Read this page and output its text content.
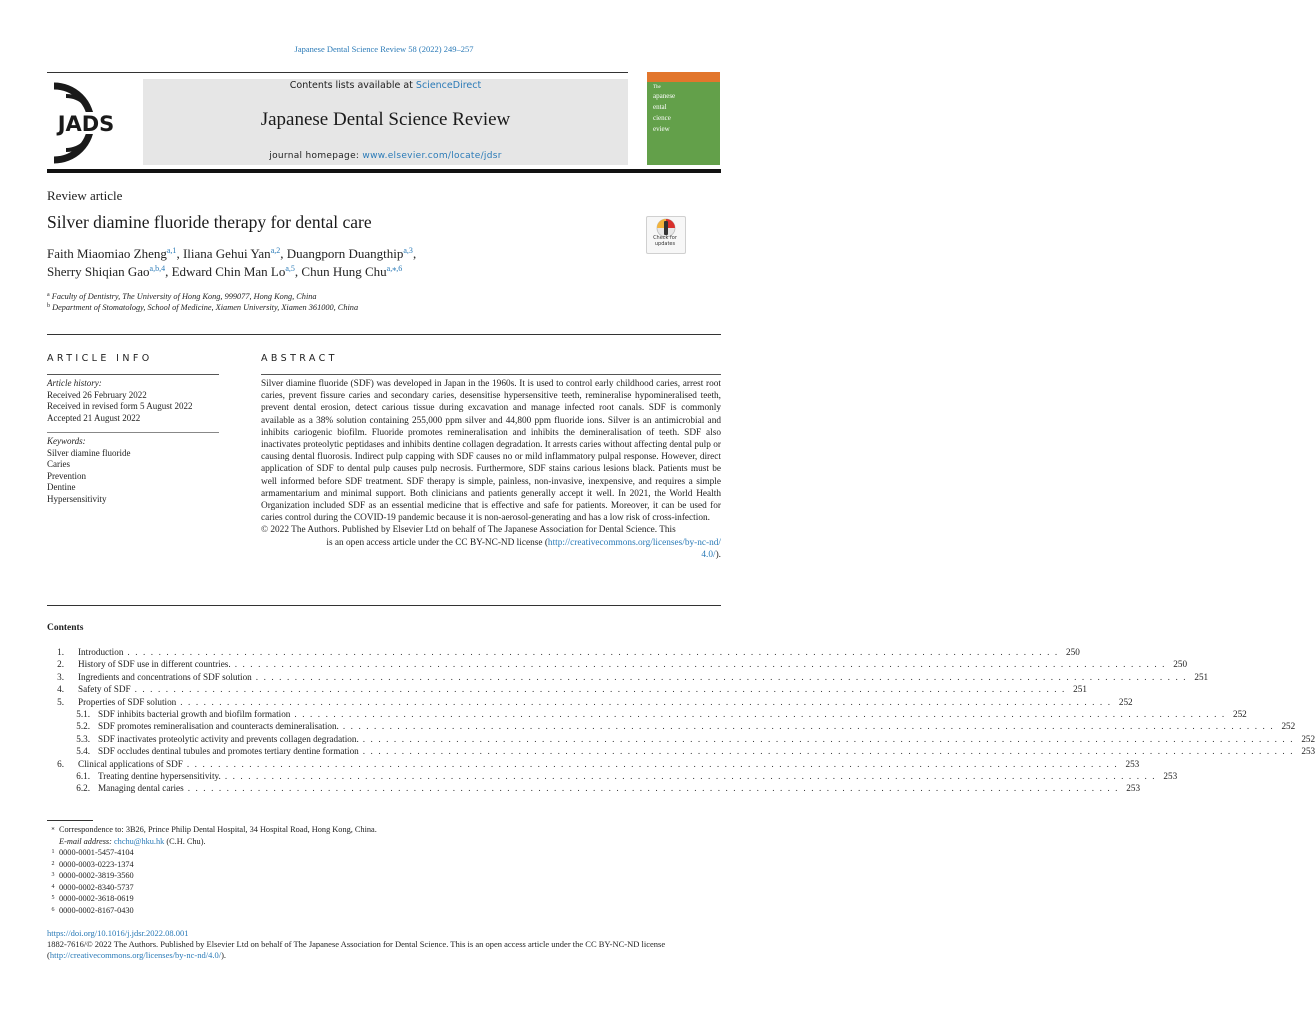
Japanese Dental Science Review 58 (2022) 249–257
JADS
Contents lists available at ScienceDirect
Japanese Dental Science Review
journal homepage: www.elsevier.com/locate/jdsr
The
apanese
ental
cience
eview
Review article
Silver diamine fluoride therapy for dental care
Check for updates
Faith Miaomiao Zheng$^{a,1}$, Iliana Gehui Yan$^{a,2}$, Duangporn Duangthip$^{a,3}$,
Sherry Shiqian Gao$^{a,b,4}$, Edward Chin Man Lo$^{a,5}$, Chun Hung Chu$^{a,⁎,6}$
$^a$ Faculty of Dentistry, The University of Hong Kong, 999077, Hong Kong, China
$^b$ Department of Stomatology, School of Medicine, Xiamen University, Xiamen 361000, China
ARTICLE INFO	ABSTRACT
Article history:
Received 26 February 2022
Received in revised form 5 August 2022
Accepted 21 August 2022
Keywords:
Silver diamine fluoride
Caries
Prevention
Dentine
Hypersensitivity

Silver diamine fluoride (SDF) was developed in Japan in the 1960s. It is used to control early childhood caries, arrest root caries, prevent fissure caries and secondary caries, desensitise hypersensitive teeth, remineralise hypomineralised teeth, prevent dental erosion, detect carious tissue during excavation and manage infected root canals. SDF is commonly available as a 38% solution containing 255,000 ppm silver and 44,800 ppm fluoride ions. Silver is an antimicrobial and inhibits cariogenic biofilm. Fluoride promotes remineralisation and inhibits the demineralisation of teeth. SDF also inactivates proteolytic peptidases and inhibits dentine collagen degradation. It arrests caries without affecting dental pulp or causing dental fluorosis. Indirect pulp capping with SDF causes no or mild inflammatory pulpal response. However, direct application of SDF to dental pulp causes pulp necrosis. Furthermore, SDF stains carious lesions black. Patients must be well informed before SDF treatment. SDF therapy is simple, painless, non-invasive, inexpensive, and requires a simple armamentarium and minimal support. Both clinicians and patients generally accept it well. In 2021, the World Health Organization included SDF as an essential medicine that is effective and safe for patients. Moreover, it can be used for caries control during the COVID-19 pandemic because it is non-aerosol-generating and has a low risk of cross-infection.

© 2022 The Authors. Published by Elsevier Ltd on behalf of The Japanese Association for Dental Science. This
is an open access article under the CC BY-NC-ND license (http://creativecommons.org/licenses/by-nc-nd/
4.0/).
Contents
1. Introduction . . . . . . . . . . . . . . . . . . . . . . . . . . . . . . . . . . . . . . . . . . . . . . . . . . . . . . . . . . . . . . . . . . . . . . . . . . . . . . . . . . . . . . . . . . . . . . . . . . . . . . . . . . . . . . . . . . . . . . . . 250
2. History of SDF use in different countries. . . . . . . . . . . . . . . . . . . . . . . . . . . . . . . . . . . . . . . . . . . . . . . . . . . . . . . . . . . . . . . . . . . . . . . . . . . . . . . . . . . . . . . . . . . . . . . . . . . . . . . . . . . . . . . . . . . . . . . . . 250
3. Ingredients and concentrations of SDF solution . . . . . . . . . . . . . . . . . . . . . . . . . . . . . . . . . . . . . . . . . . . . . . . . . . . . . . . . . . . . . . . . . . . . . . . . . . . . . . . . . . . . . . . . . . . . . . . . . . . . . . . . . . . . . . . . . . . . . . . . 251
4. Safety of SDF . . . . . . . . . . . . . . . . . . . . . . . . . . . . . . . . . . . . . . . . . . . . . . . . . . . . . . . . . . . . . . . . . . . . . . . . . . . . . . . . . . . . . . . . . . . . . . . . . . . . . . . . . . . . . . . . . . . . . . . . 251
5. Properties of SDF solution . . . . . . . . . . . . . . . . . . . . . . . . . . . . . . . . . . . . . . . . . . . . . . . . . . . . . . . . . . . . . . . . . . . . . . . . . . . . . . . . . . . . . . . . . . . . . . . . . . . . . . . . . . . . . . . . . . . . . . . . 252
5.1. SDF inhibits bacterial growth and biofilm formation . . . . . . . . . . . . . . . . . . . . . . . . . . . . . . . . . . . . . . . . . . . . . . . . . . . . . . . . . . . . . . . . . . . . . . . . . . . . . . . . . . . . . . . . . . . . . . . . . . . . . . . . . . . . . . . . . . . . . . . . 252
5.2. SDF promotes remineralisation and counteracts demineralisation. . . . . . . . . . . . . . . . . . . . . . . . . . . . . . . . . . . . . . . . . . . . . . . . . . . . . . . . . . . . . . . . . . . . . . . . . . . . . . . . . . . . . . . . . . . . . . . . . . . . . . . . . . . . . . . . . . . . . . . . . 252
5.3. SDF inactivates proteolytic activity and prevents collagen degradation. . . . . . . . . . . . . . . . . . . . . . . . . . . . . . . . . . . . . . . . . . . . . . . . . . . . . . . . . . . . . . . . . . . . . . . . . . . . . . . . . . . . . . . . . . . . . . . . . . . . . . . . . . . . . . . . . . . . . . . . . 252
5.4. SDF occludes dentinal tubules and promotes tertiary dentine formation . . . . . . . . . . . . . . . . . . . . . . . . . . . . . . . . . . . . . . . . . . . . . . . . . . . . . . . . . . . . . . . . . . . . . . . . . . . . . . . . . . . . . . . . . . . . . . . . . . . . . . . . . . . . . . . . . . . . . . . . 253
6. Clinical applications of SDF . . . . . . . . . . . . . . . . . . . . . . . . . . . . . . . . . . . . . . . . . . . . . . . . . . . . . . . . . . . . . . . . . . . . . . . . . . . . . . . . . . . . . . . . . . . . . . . . . . . . . . . . . . . . . . . . . . . . . . . . 253
6.1. Treating dentine hypersensitivity. . . . . . . . . . . . . . . . . . . . . . . . . . . . . . . . . . . . . . . . . . . . . . . . . . . . . . . . . . . . . . . . . . . . . . . . . . . . . . . . . . . . . . . . . . . . . . . . . . . . . . . . . . . . . . . . . . . . . . . . . 253
6.2. Managing dental caries . . . . . . . . . . . . . . . . . . . . . . . . . . . . . . . . . . . . . . . . . . . . . . . . . . . . . . . . . . . . . . . . . . . . . . . . . . . . . . . . . . . . . . . . . . . . . . . . . . . . . . . . . . . . . . . . . . . . . . . . 253
⁎ Correspondence to: 3B26, Prince Philip Dental Hospital, 34 Hospital Road, Hong Kong, China.
E-mail address: chchu@hku.hk (C.H. Chu).
1 0000-0001-5457-4104
2 0000-0003-0223-1374
3 0000-0002-3819-3560
4 0000-0002-8340-5737
5 0000-0002-3618-0619
6 0000-0002-8167-0430
https://doi.org/10.1016/j.jdsr.2022.08.001
1882-7616/© 2022 The Authors. Published by Elsevier Ltd on behalf of The Japanese Association for Dental Science. This is an open access article under the CC BY-NC-ND license
(http://creativecommons.org/licenses/by-nc-nd/4.0/).
